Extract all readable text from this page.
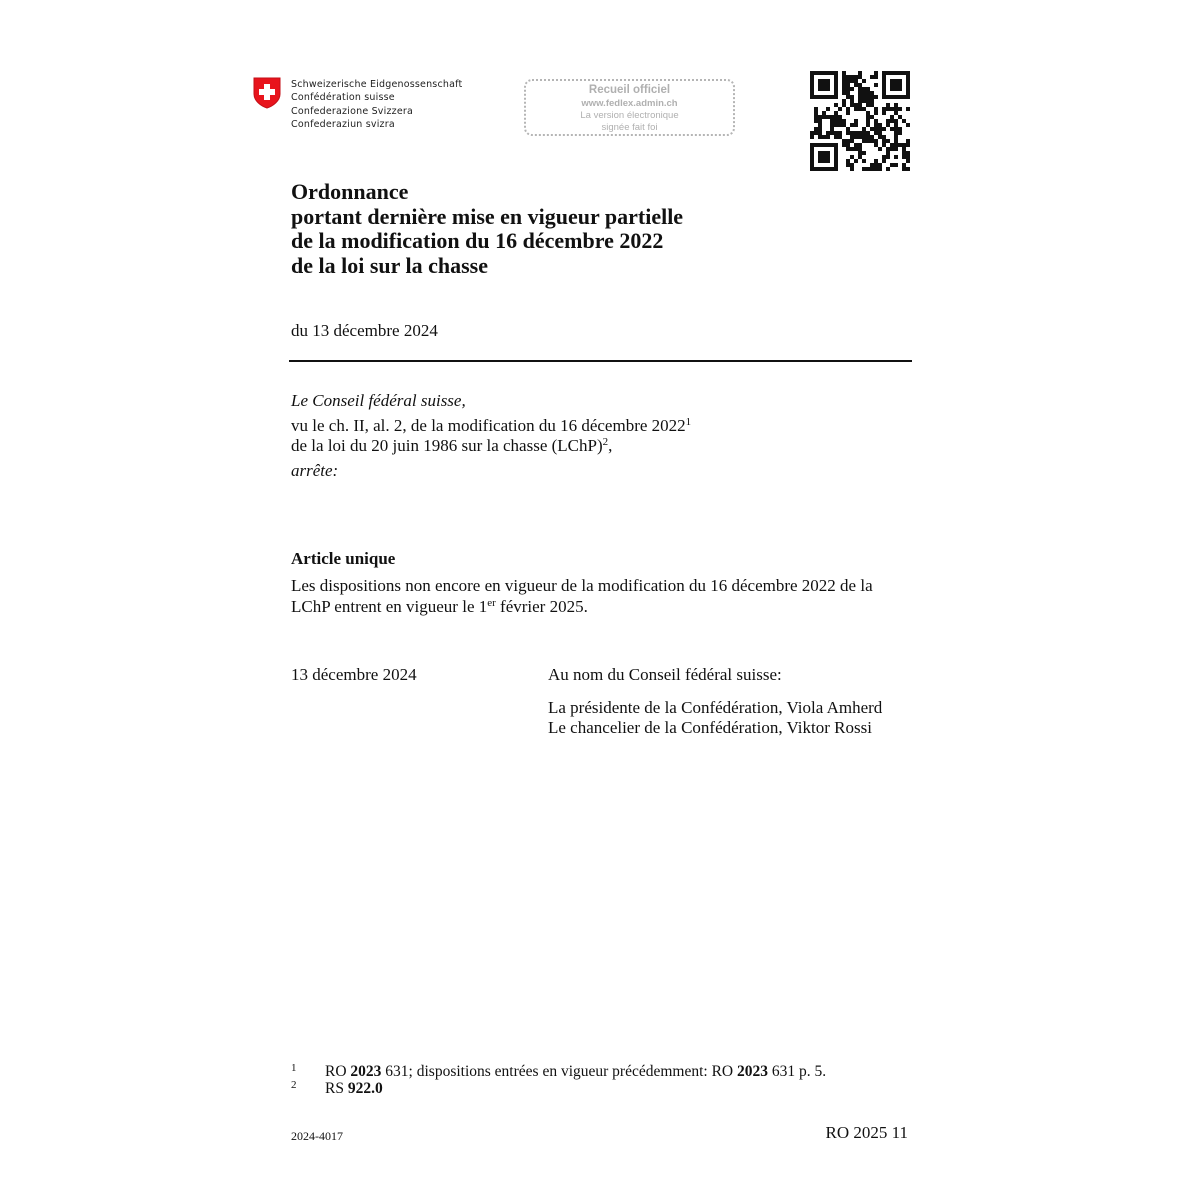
Schweizerische Eidgenossenschaft
Confédération suisse
Confederazione Svizzera
Confederaziun svizra
Recueil officiel
www.fedlex.admin.ch
La version électronique
signée fait foi
Ordonnance
portant dernière mise en vigueur partielle
de la modification du 16 décembre 2022
de la loi sur la chasse
du 13 décembre 2024
Le Conseil fédéral suisse,
vu le ch. II, al. 2, de la modification du 16 décembre 2022$^1$
de la loi du 20 juin 1986 sur la chasse (LChP)$^2$,
arrête:
Article unique
Les dispositions non encore en vigueur de la modification du 16 décembre 2022 de la LChP entrent en vigueur le 1er février 2025.
13 décembre 2024	Au nom du Conseil fédéral suisse:
La présidente de la Confédération, Viola Amherd
Le chancelier de la Confédération, Viktor Rossi
1 RO 2023 631; dispositions entrées en vigueur précédemment: RO 2023 631 p. 5.
2 RS 922.0
2024-4017	RO 2025 11
